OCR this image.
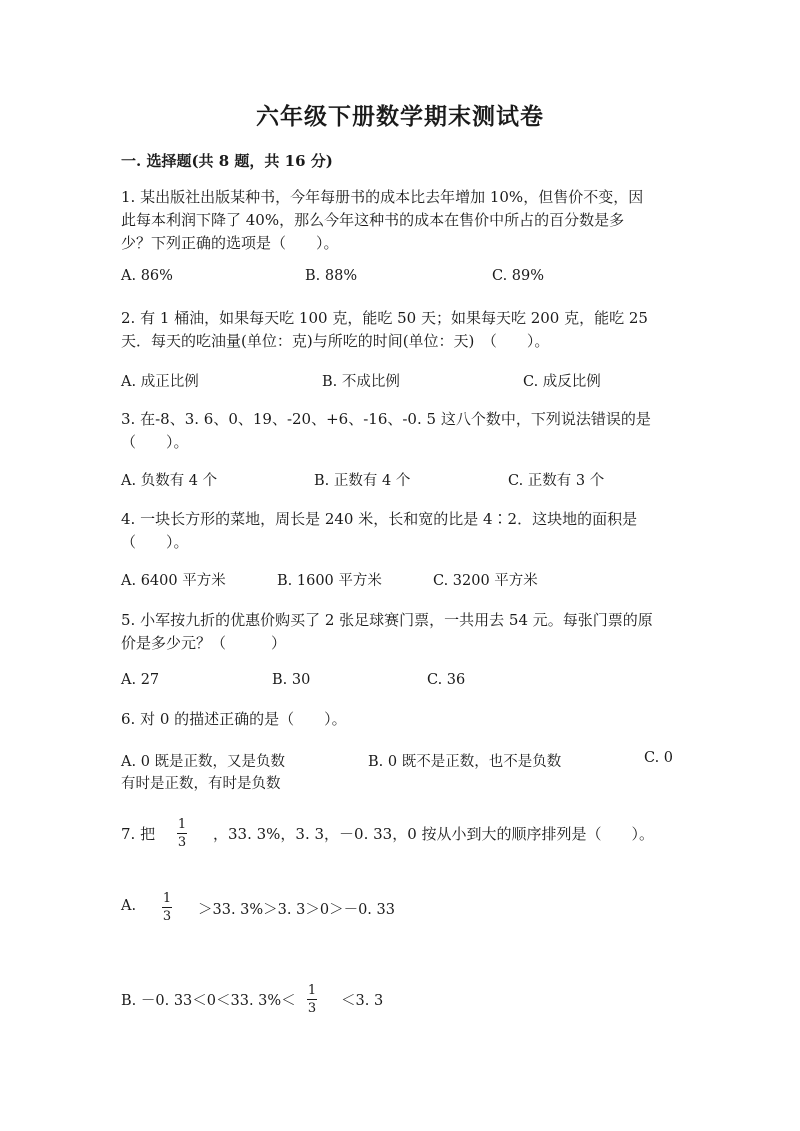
六年级下册数学期末测试卷
一. 选择题(共 8 题，共 16 分)
1. 某出版社出版某种书，今年每册书的成本比去年增加 10%，但售价不变，因
此每本利润下降了 40%，那么今年这种书的成本在售价中所占的百分数是多
少？下列正确的选项是（　　）。
A. 86%	B. 88%	C. 89%
2. 有 1 桶油，如果每天吃 100 克，能吃 50 天；如果每天吃 200 克，能吃 25
天．每天的吃油量(单位：克)与所吃的时间(单位：天)　（　　）。
A. 成正比例	B. 不成比例	C. 成反比例
3. 在-8、3. 6、0、19、-20、+6、-16、-0. 5 这八个数中，下列说法错误的是
（　　）。
A. 负数有 4 个	B. 正数有 4 个	C. 正数有 3 个
4. 一块长方形的菜地，周长是 240 米，长和宽的比是 4∶2．这块地的面积是
（　　）。
A. 6400 平方米	B. 1600 平方米	C. 3200 平方米
5. 小军按九折的优惠价购买了 2 张足球赛门票，一共用去 54 元。每张门票的原
价是多少元？（　　　）
A. 27	B. 30	C. 36
6. 对 0 的描述正确的是（　　）。
A. 0 既是正数，又是负数	B. 0 既不是正数，也不是负数	C. 0
有时是正数，有时是负数
7. 把
1
3 ，33. 3%，3. 3，－0. 33，0 按从小到大的顺序排列是（　　）。
A. 1
3 ＞33. 3%＞3. 3＞0＞－0. 33
B. －0. 33＜0＜33. 3%＜
1
3 ＜3. 3
